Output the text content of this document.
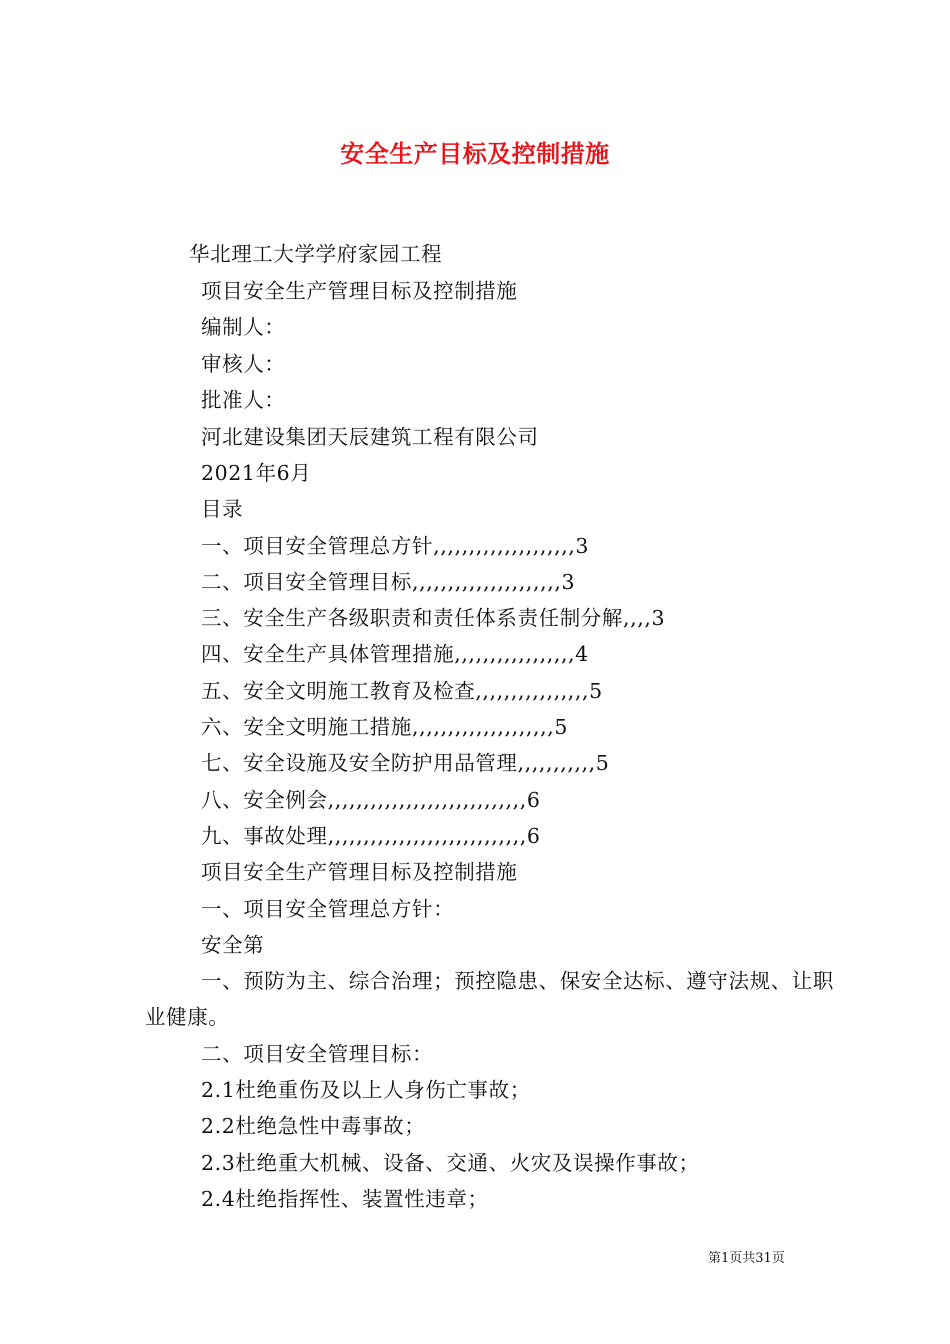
安全生产目标及控制措施
华北理工大学学府家园工程
项目安全生产管理目标及控制措施
编制人：
审核人：
批准人：
河北建设集团天辰建筑工程有限公司
2021年6月
目录
一、项目安全管理总方针,,,,,,,,,,,,,,,,,,,,3
二、项目安全管理目标,,,,,,,,,,,,,,,,,,,,,3
三、安全生产各级职责和责任体系责任制分解,,,,3
四、安全生产具体管理措施,,,,,,,,,,,,,,,,,4
五、安全文明施工教育及检查,,,,,,,,,,,,,,,,5
六、安全文明施工措施,,,,,,,,,,,,,,,,,,,,5
七、安全设施及安全防护用品管理,,,,,,,,,,,5
八、安全例会,,,,,,,,,,,,,,,,,,,,,,,,,,,,6
九、事故处理,,,,,,,,,,,,,,,,,,,,,,,,,,,,6
项目安全生产管理目标及控制措施
一、项目安全管理总方针：
安全第
一、预防为主、综合治理；预控隐患、保安全达标、遵守法规、让职业健康。
二、项目安全管理目标：
2.1杜绝重伤及以上人身伤亡事故；
2.2杜绝急性中毒事故；
2.3杜绝重大机械、设备、交通、火灾及误操作事故；
2.4杜绝指挥性、装置性违章；
第1页共31页
